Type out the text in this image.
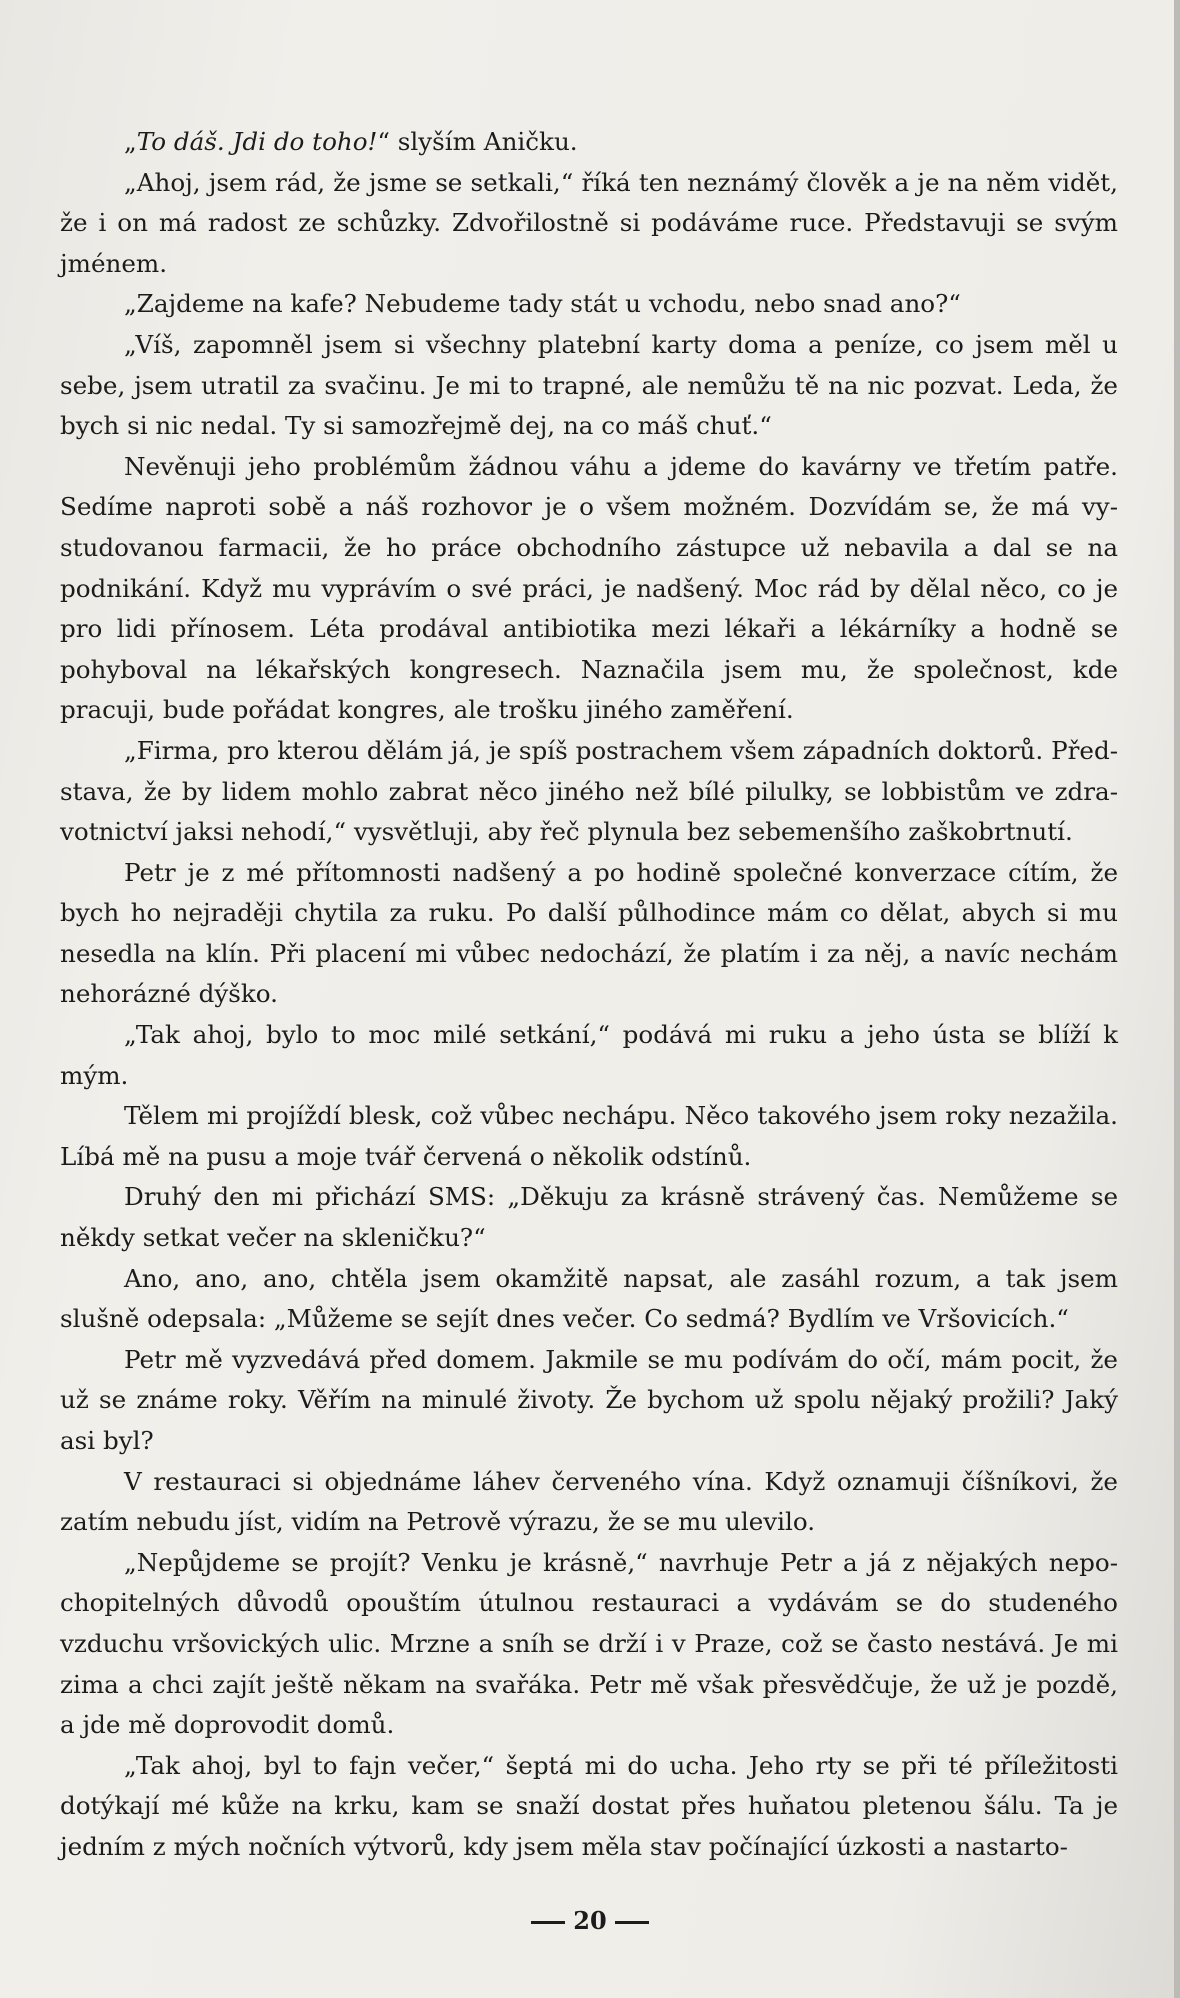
„To dáš. Jdi do toho!“ slyším Aničku.

„Ahoj, jsem rád, že jsme se setkali,“ říká ten neznámý člověk a je na něm vidět, že i on má radost ze schůzky. Zdvořilostně si podáváme ruce. Představuji se svým jménem.

„Zajdeme na kafe? Nebudeme tady stát u vchodu, nebo snad ano?“

„Víš, zapomněl jsem si všechny platební karty doma a peníze, co jsem měl u sebe, jsem utratil za svačinu. Je mi to trapné, ale nemůžu tě na nic pozvat. Leda, že bych si nic nedal. Ty si samozřejmě dej, na co máš chuť.“

Nevěnuji jeho problémům žádnou váhu a jdeme do kavárny ve třetím patře. Sedíme naproti sobě a náš rozhovor je o všem možném. Dozvídám se, že má vystudovanou farmacii, že ho práce obchodního zástupce už nebavila a dal se na podnikání. Když mu vyprávím o své práci, je nadšený. Moc rád by dělal něco, co je pro lidi přínosem. Léta prodával antibiotika mezi lékaři a lékárníky a hodně se pohyboval na lékařských kongresech. Naznačila jsem mu, že společnost, kde pracuji, bude pořádat kongres, ale trošku jiného zaměření.

„Firma, pro kterou dělám já, je spíš postrachem všem západních doktorů. Představa, že by lidem mohlo zabrat něco jiného než bílé pilulky, se lobbistům ve zdravotnictví jaksi nehodí,“ vysvětluji, aby řeč plynula bez sebemenšího zaškobrtnutí.

Petr je z mé přítomnosti nadšený a po hodině společné konverzace cítím, že bych ho nejraději chytila za ruku. Po další půlhodince mám co dělat, abych si mu nesedla na klín. Při placení mi vůbec nedochází, že platím i za něj, a navíc nechám nehorázné dýško.

„Tak ahoj, bylo to moc milé setkání,“ podává mi ruku a jeho ústa se blíží k mým.

Tělem mi projíždí blesk, což vůbec nechápu. Něco takového jsem roky nezažila. Líbá mě na pusu a moje tvář červená o několik odstínů.

Druhý den mi přichází SMS: „Děkuju za krásně strávený čas. Nemůžeme se někdy setkat večer na skleničku?“

Ano, ano, ano, chtěla jsem okamžitě napsat, ale zasáhl rozum, a tak jsem slušně odepsala: „Můžeme se sejít dnes večer. Co sedmá? Bydlím ve Vršovicích.“

Petr mě vyzvedává před domem. Jakmile se mu podívám do očí, mám pocit, že už se známe roky. Věřím na minulé životy. Že bychom už spolu nějaký prožili? Jaký asi byl?

V restauraci si objednáme láhev červeného vína. Když oznamuji číšníkovi, že zatím nebudu jíst, vidím na Petrově výrazu, že se mu ulevilo.

„Nepůjdeme se projít? Venku je krásně,“ navrhuje Petr a já z nějakých nepochopitelných důvodů opouštím útulnou restauraci a vydávám se do studeného vzduchu vršovických ulic. Mrzne a sníh se drží i v Praze, což se často nestává. Je mi zima a chci zajít ještě někam na svařáka. Petr mě však přesvědčuje, že už je pozdě, a jde mě doprovodit domů.

„Tak ahoj, byl to fajn večer,“ šeptá mi do ucha. Jeho rty se při té příležitosti dotýkají mé kůže na krku, kam se snaží dostat přes huňatou pletenou šálu. Ta je jedním z mých nočních výtvorů, kdy jsem měla stav počínající úzkosti a nastarto-

20
